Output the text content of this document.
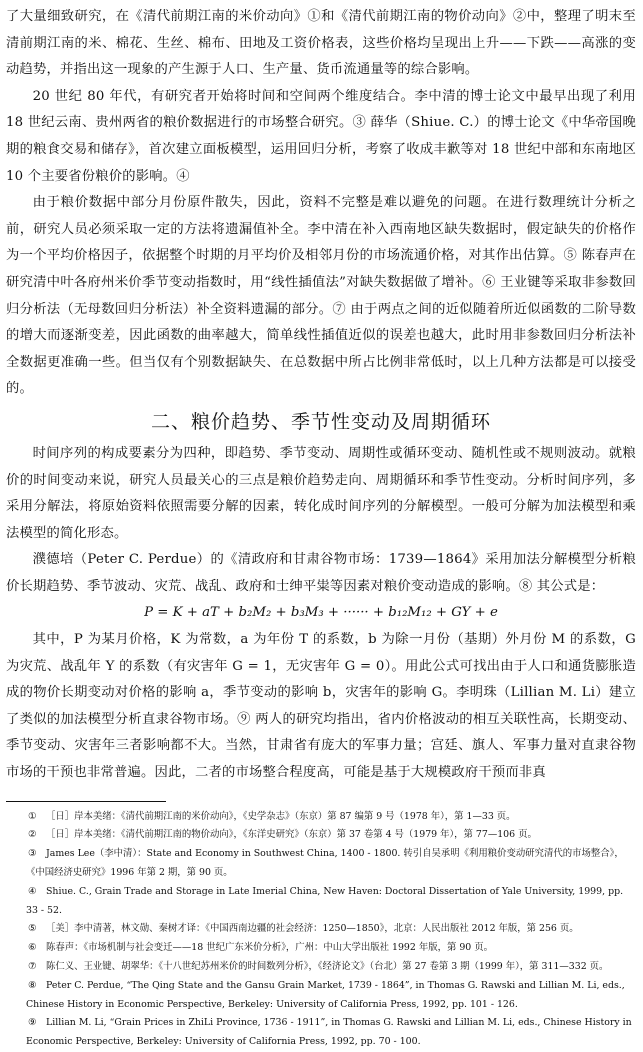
了大量细致研究，在《清代前期江南的米价动向》①和《清代前期江南的物价动向》②中，整理了明末至清前期江南的米、棉花、生丝、棉布、田地及工资价格表，这些价格均呈现出上升——下跌——高涨的变动趋势，并指出这一现象的产生源于人口、生产量、货币流通量等的综合影响。

20 世纪 80 年代，有研究者开始将时间和空间两个维度结合。李中清的博士论文中最早出现了利用 18 世纪云南、贵州两省的粮价数据进行的市场整合研究。③ 薛华（Shiue. C.）的博士论文《中华帝国晚期的粮食交易和储存》，首次建立面板模型，运用回归分析，考察了收成丰歉等对 18 世纪中部和东南地区 10 个主要省份粮价的影响。④

由于粮价数据中部分月份原件散失，因此，资料不完整是难以避免的问题。在进行数理统计分析之前，研究人员必须采取一定的方法将遗漏值补全。李中清在补入西南地区缺失数据时，假定缺失的价格作为一个平均价格因子，依据整个时期的月平均价及相邻月份的市场流通价格，对其作出估算。⑤ 陈春声在研究清中叶各府州米价季节变动指数时，用“线性插值法”对缺失数据做了增补。⑥ 王业键等采取非参数回归分析法（无母数回归分析法）补全资料遗漏的部分。⑦ 由于两点之间的近似随着所近似函数的二阶导数的增大而逐渐变差，因此函数的曲率越大，简单线性插值近似的误差也越大，此时用非参数回归分析法补全数据更准确一些。但当仅有个别数据缺失、在总数据中所占比例非常低时，以上几种方法都是可以接受的。

二、粮价趋势、季节性变动及周期循环

时间序列的构成要素分为四种，即趋势、季节变动、周期性或循环变动、随机性或不规则波动。就粮价的时间变动来说，研究人员最关心的三点是粮价趋势走向、周期循环和季节性变动。分析时间序列，多采用分解法，将原始资料依照需要分解的因素，转化成时间序列的分解模型。一般可分解为加法模型和乘法模型的简化形态。

濮德培（Peter C. Perdue）的《清政府和甘肃谷物市场：1739—1864》采用加法分解模型分析粮价长期趋势、季节波动、灾荒、战乱、政府和士绅平粜等因素对粮价变动造成的影响。⑧ 其公式是：

P = K + aT + b₂M₂ + b₃M₃ + ······ + b₁₂M₁₂ + GY + e

其中，P 为某月价格，K 为常数，a 为年份 T 的系数，b 为除一月份（基期）外月份 M 的系数，G 为灾荒、战乱年 Y 的系数（有灾害年 G = 1，无灾害年 G = 0）。用此公式可找出由于人口和通货膨胀造成的物价长期变动对价格的影响 a，季节变动的影响 b，灾害年的影响 G。李明珠（Lillian M. Li）建立了类似的加法模型分析直隶谷物市场。⑨ 两人的研究均指出，省内价格波动的相互关联性高，长期变动、季节变动、灾害年三者影响都不大。当然，甘肃省有庞大的军事力量；宫廷、旗人、军事力量对直隶谷物市场的干预也非常普遍。因此，二者的市场整合程度高，可能是基于大规模政府干预而非真

① ［日］岸本美绪：《清代前期江南的米价动向》，《史学杂志》（东京）第 87 编第 9 号（1978 年），第 1—33 页。

② ［日］岸本美绪：《清代前期江南的物价动向》，《东洋史研究》（东京）第 37 卷第 4 号（1979 年），第 77—106 页。

③ James Lee（李中清）：State and Economy in Southwest China, 1400 - 1800. 转引自吴承明《利用粮价变动研究清代的市场整合》，《中国经济史研究》1996 年第 2 期，第 90 页。

④ Shiue. C., Grain Trade and Storage in Late Imerial China, New Haven: Doctoral Dissertation of Yale University, 1999, pp. 33 - 52.

⑤ ［美］李中清著，林文勋、秦树才译：《中国西南边疆的社会经济：1250—1850》，北京：人民出版社 2012 年版，第 256 页。

⑥ 陈春声：《市场机制与社会变迁——18 世纪广东米价分析》，广州：中山大学出版社 1992 年版，第 90 页。

⑦ 陈仁义、王业键、胡翠华：《十八世纪苏州米价的时间数列分析》，《经济论文》（台北）第 27 卷第 3 期（1999 年），第 311—332 页。

⑧ Peter C. Perdue, “The Qing State and the Gansu Grain Market, 1739 - 1864”, in Thomas G. Rawski and Lillian M. Li, eds., Chinese History in Economic Perspective, Berkeley: University of California Press, 1992, pp. 101 - 126.

⑨ Lillian M. Li, “Grain Prices in ZhiLi Province, 1736 - 1911”, in Thomas G. Rawski and Lillian M. Li, eds., Chinese History in Economic Perspective, Berkeley: University of California Press, 1992, pp. 70 - 100.
